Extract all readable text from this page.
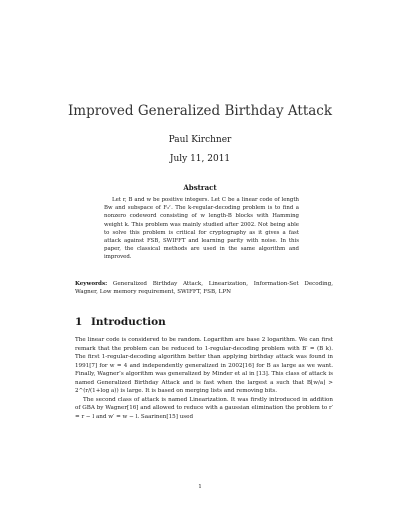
Improved Generalized Birthday Attack
Paul Kirchner
July 11, 2011
Abstract

Let r, B and w be positive integers. Let C be a linear code of length Bw and subspace of F₂ʳ. The k-regular-decoding problem is to find a nonzero codeword consisting of w length-B blocks with Hamming weight k. This problem was mainly studied after 2002. Not being able to solve this problem is critical for cryptography as it gives a fast attack against FSB, SWIFFT and learning parity with noise. In this paper, the classical methods are used in the same algorithm and improved.

Keywords: Generalized Birthday Attack, Linearization, Information-Set Decoding, Wagner, Low memory requirement, SWIFFT, FSB, LPN

1 Introduction

The linear code is considered to be random. Logarithm are base 2 logarithm. We can first remark that the problem can be reduced to 1-regular-decoding problem with B′ = (B k). The first 1-regular-decoding algorithm better than applying birthday attack was found in 1991[7] for w = 4 and independently generalized in 2002[16] for B as large as we want. Finally, Wagner’s algorithm was generalized by Minder et al in [13]. This class of attack is named Generalized Birthday Attack and is fast when the largest a such that B⌊w/a⌋ > 2^(r/(1+log a)) is large. It is based on merging lists and removing bits.

The second class of attack is named Linearization. It was firstly introduced in addition of GBA by Wagner[16] and allowed to reduce with a gaussian elimination the problem to r′ = r − l and w′ = w − l. Saarinen[15] used

1
